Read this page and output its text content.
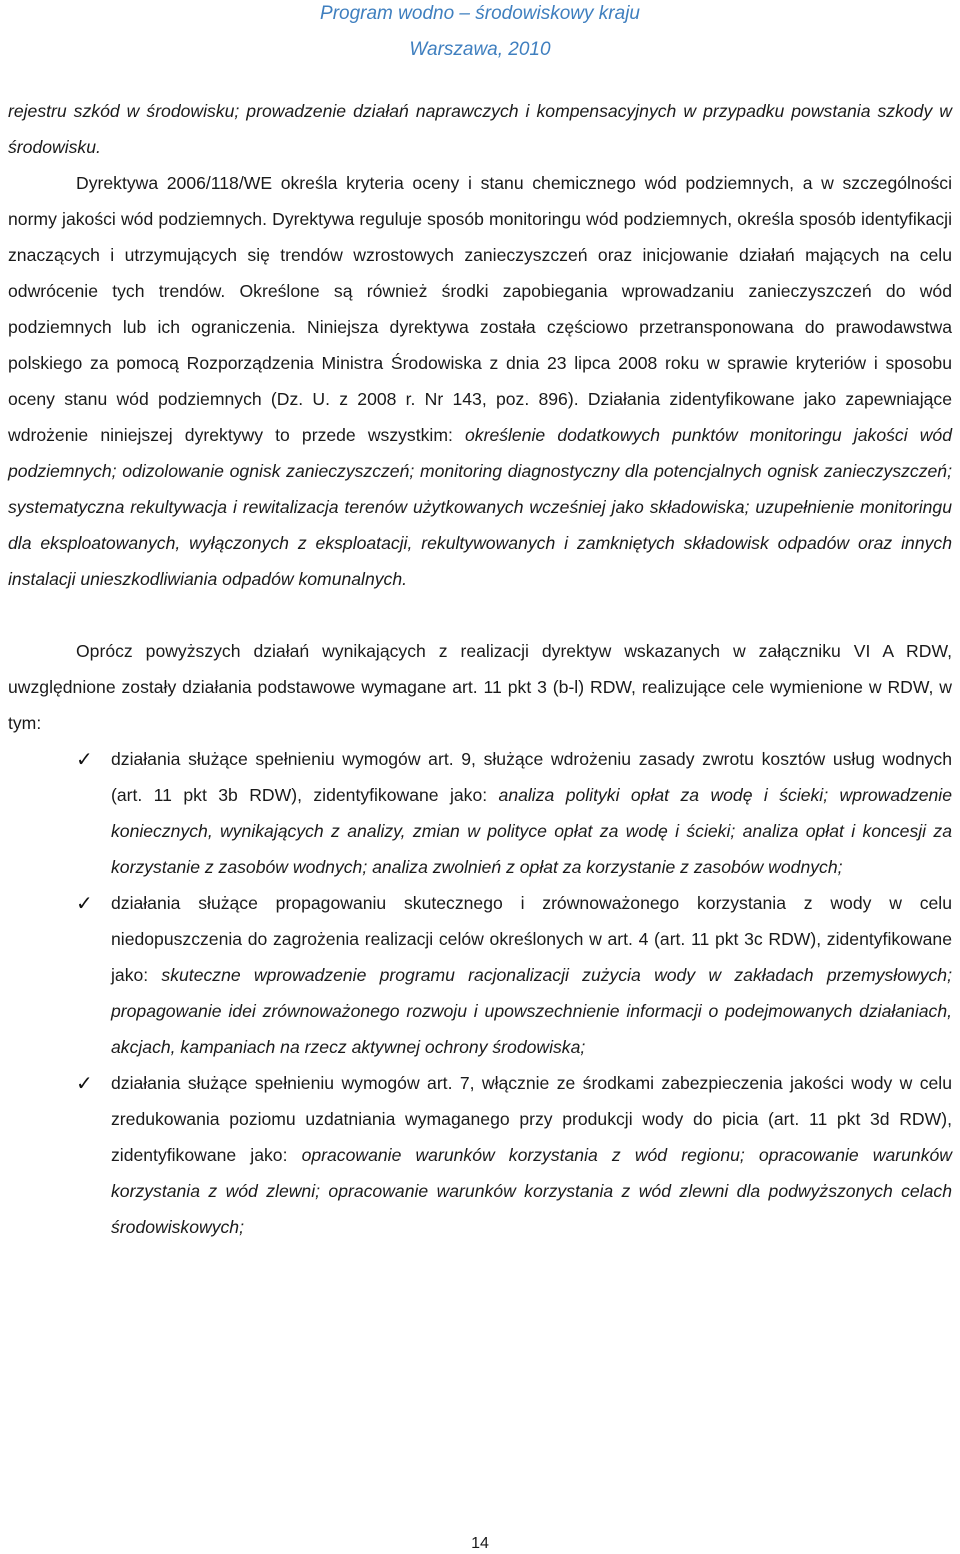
Program wodno – środowiskowy kraju
Warszawa, 2010

rejestru szkód w środowisku; prowadzenie działań naprawczych i kompensacyjnych w przypadku powstania szkody w środowisku.

Dyrektywa 2006/118/WE określa kryteria oceny i stanu chemicznego wód podziemnych, a w szczególności normy jakości wód podziemnych. Dyrektywa reguluje sposób monitoringu wód podziemnych, określa sposób identyfikacji znaczących i utrzymujących się trendów wzrostowych zanieczyszczeń oraz inicjowanie działań mających na celu odwrócenie tych trendów. Określone są również środki zapobiegania wprowadzaniu zanieczyszczeń do wód podziemnych lub ich ograniczenia. Niniejsza dyrektywa została częściowo przetransponowana do prawodawstwa polskiego za pomocą Rozporządzenia Ministra Środowiska z dnia 23 lipca 2008 roku w sprawie kryteriów i sposobu oceny stanu wód podziemnych (Dz. U. z 2008 r. Nr 143, poz. 896). Działania zidentyfikowane jako zapewniające wdrożenie niniejszej dyrektywy to przede wszystkim: określenie dodatkowych punktów monitoringu jakości wód podziemnych; odizolowanie ognisk zanieczyszczeń; monitoring diagnostyczny dla potencjalnych ognisk zanieczyszczeń; systematyczna rekultywacja i rewitalizacja terenów użytkowanych wcześniej jako składowiska; uzupełnienie monitoringu dla eksploatowanych, wyłączonych z eksploatacji, rekultywowanych i zamkniętych składowisk odpadów oraz innych instalacji unieszkodliwiania odpadów komunalnych.

Oprócz powyższych działań wynikających z realizacji dyrektyw wskazanych w załączniku VI A RDW, uwzględnione zostały działania podstawowe wymagane art. 11 pkt 3 (b-l) RDW, realizujące cele wymienione w RDW, w tym:

✓ działania służące spełnieniu wymogów art. 9, służące wdrożeniu zasady zwrotu kosztów usług wodnych (art. 11 pkt 3b RDW), zidentyfikowane jako: analiza polityki opłat za wodę i ścieki; wprowadzenie koniecznych, wynikających z analizy, zmian w polityce opłat za wodę i ścieki; analiza opłat i koncesji za korzystanie z zasobów wodnych; analiza zwolnień z opłat za korzystanie z zasobów wodnych;
✓ działania służące propagowaniu skutecznego i zrównoważonego korzystania z wody w celu niedopuszczenia do zagrożenia realizacji celów określonych w art. 4 (art. 11 pkt 3c RDW), zidentyfikowane jako: skuteczne wprowadzenie programu racjonalizacji zużycia wody w zakładach przemysłowych; propagowanie idei zrównoważonego rozwoju i upowszechnienie informacji o podejmowanych działaniach, akcjach, kampaniach na rzecz aktywnej ochrony środowiska;
✓ działania służące spełnieniu wymogów art. 7, włącznie ze środkami zabezpieczenia jakości wody w celu zredukowania poziomu uzdatniania wymaganego przy produkcji wody do picia (art. 11 pkt 3d RDW), zidentyfikowane jako: opracowanie warunków korzystania z wód regionu; opracowanie warunków korzystania z wód zlewni; opracowanie warunków korzystania z wód zlewni dla podwyższonych celach środowiskowych;
14
